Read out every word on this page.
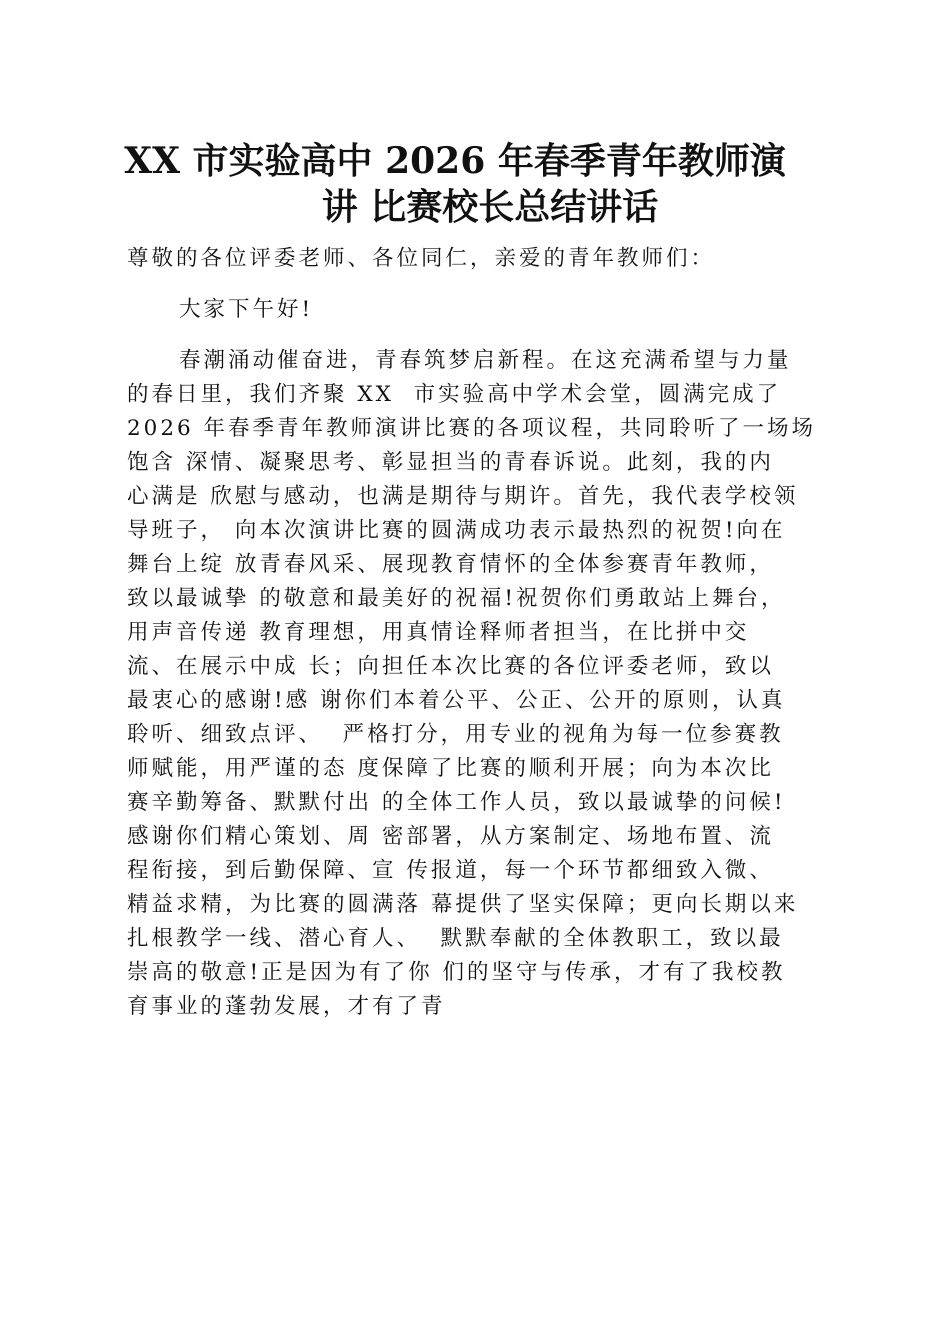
XX 市实验高中 2026 年春季青年教师演
讲 比赛校长总结讲话
尊敬的各位评委老师、各位同仁，亲爱的青年教师们：
大家下午好!
春潮涌动催奋进，青春筑梦启新程。在这充满希望与力量
的春日里，我们齐聚 XX  市实验高中学术会堂，圆满完成了
2026 年春季青年教师演讲比赛的各项议程，共同聆听了一场场
饱含 深情、凝聚思考、彰显担当的青春诉说。此刻，我的内
心满是 欣慰与感动，也满是期待与期许。首先，我代表学校领
导班子， 向本次演讲比赛的圆满成功表示最热烈的祝贺!向在
舞台上绽 放青春风采、展现教育情怀的全体参赛青年教师，
致以最诚挚 的敬意和最美好的祝福!祝贺你们勇敢站上舞台，
用声音传递 教育理想，用真情诠释师者担当，在比拼中交
流、在展示中成 长；向担任本次比赛的各位评委老师，致以
最衷心的感谢!感 谢你们本着公平、公正、公开的原则，认真
聆听、细致点评、  严格打分，用专业的视角为每一位参赛教
师赋能，用严谨的态 度保障了比赛的顺利开展；向为本次比
赛辛勤筹备、默默付出 的全体工作人员，致以最诚挚的问候!
感谢你们精心策划、周 密部署，从方案制定、场地布置、流
程衔接，到后勤保障、宣 传报道，每一个环节都细致入微、
精益求精，为比赛的圆满落 幕提供了坚实保障；更向长期以来
扎根教学一线、潜心育人、  默默奉献的全体教职工，致以最
崇高的敬意!正是因为有了你 们的坚守与传承，才有了我校教
育事业的蓬勃发展，才有了青
